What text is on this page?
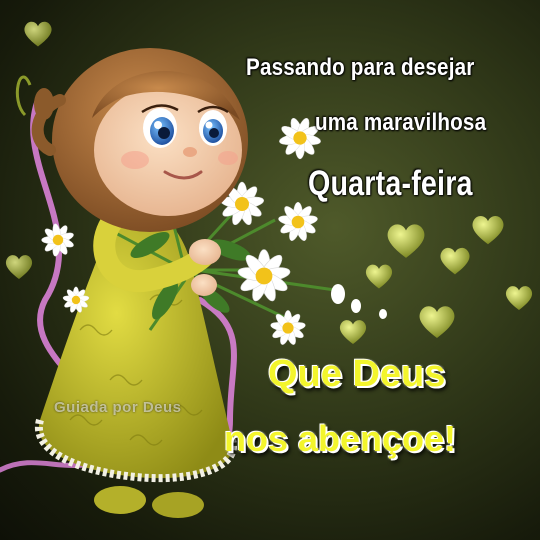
Passando para desejar

uma maravilhosa

Quarta-feira

Guiada por Deus

Que Deus

nos abençoe!
